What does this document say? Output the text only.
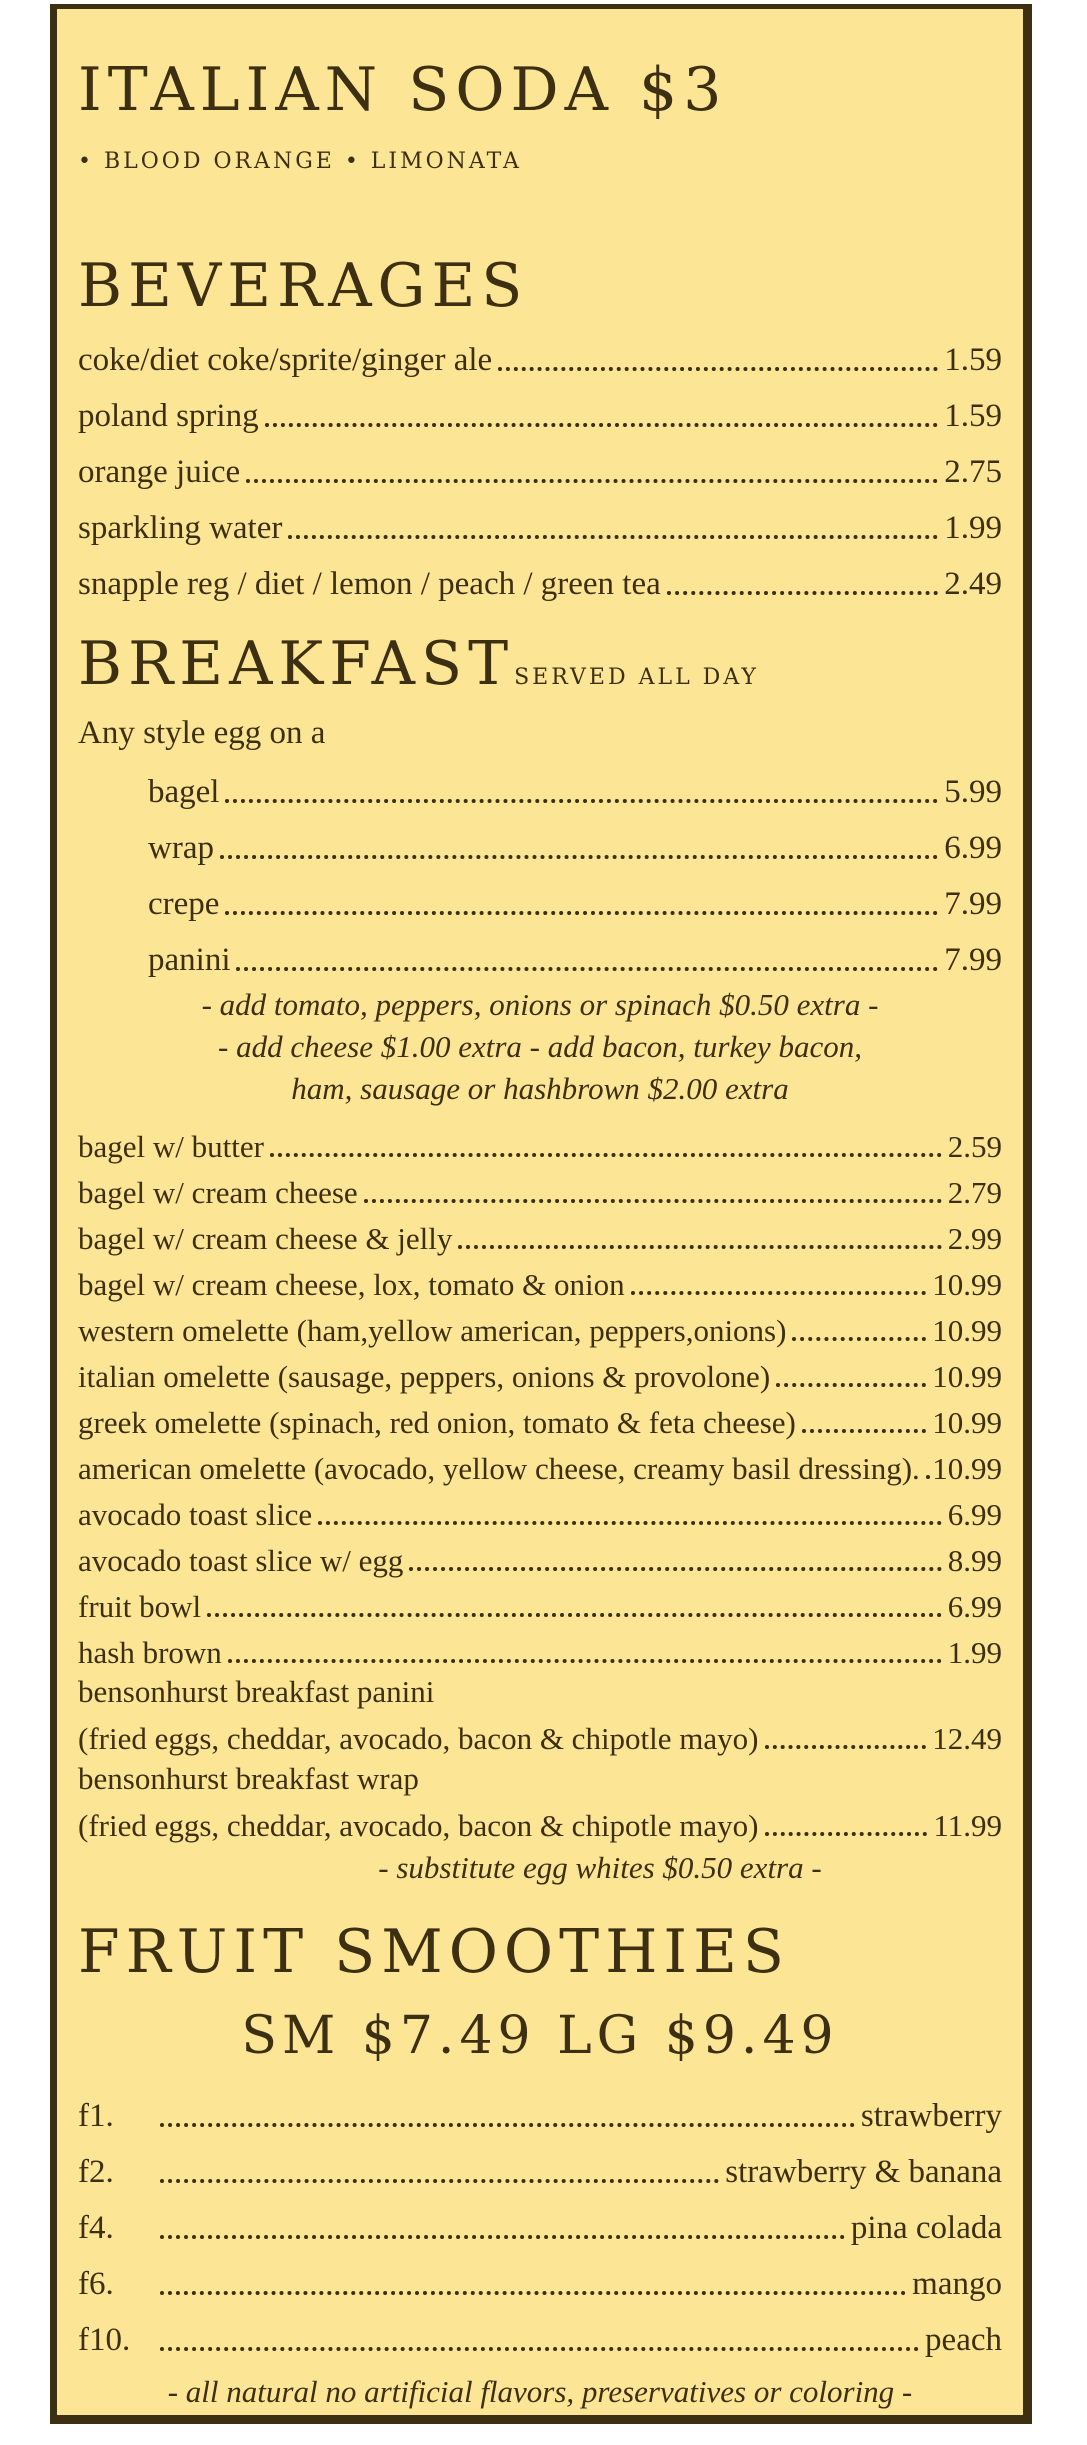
ITALIAN SODA $3
• BLOOD ORANGE • LIMONATA
BEVERAGES
coke/diet coke/sprite/ginger ale	1.59
poland spring	1.59
orange juice	2.75
sparkling water	1.99
snapple reg / diet / lemon / peach / green tea	2.49
BREAKFASTSERVED ALL DAY
Any style egg on a
bagel	5.99
wrap	6.99
crepe	7.99
panini	7.99
- add tomato, peppers, onions or spinach $0.50 extra -
- add cheese $1.00 extra - add bacon, turkey bacon,
ham, sausage or hashbrown $2.00 extra
bagel w/ butter	2.59
bagel w/ cream cheese	2.79
bagel w/ cream cheese & jelly	2.99
bagel w/ cream cheese, lox, tomato & onion	10.99
western omelette (ham,yellow american, peppers,onions)	10.99
italian omelette (sausage, peppers, onions & provolone)	10.99
greek omelette (spinach, red onion, tomato & feta cheese)	10.99
american omelette (avocado, yellow cheese, creamy basil dressing). 10.99
avocado toast slice	6.99
avocado toast slice w/ egg	8.99
fruit bowl	6.99
hash brown	1.99
bensonhurst breakfast panini
(fried eggs, cheddar, avocado, bacon & chipotle mayo)	12.49
bensonhurst breakfast wrap
(fried eggs, cheddar, avocado, bacon & chipotle mayo)	11.99
- substitute egg whites $0.50 extra -
FRUIT SMOOTHIES
SM $7.49 LG $9.49
f1.	strawberry
f2.	strawberry & banana
f4.	pina colada
f6.	mango
f10.	peach
- all natural no artificial flavors, preservatives or coloring -
